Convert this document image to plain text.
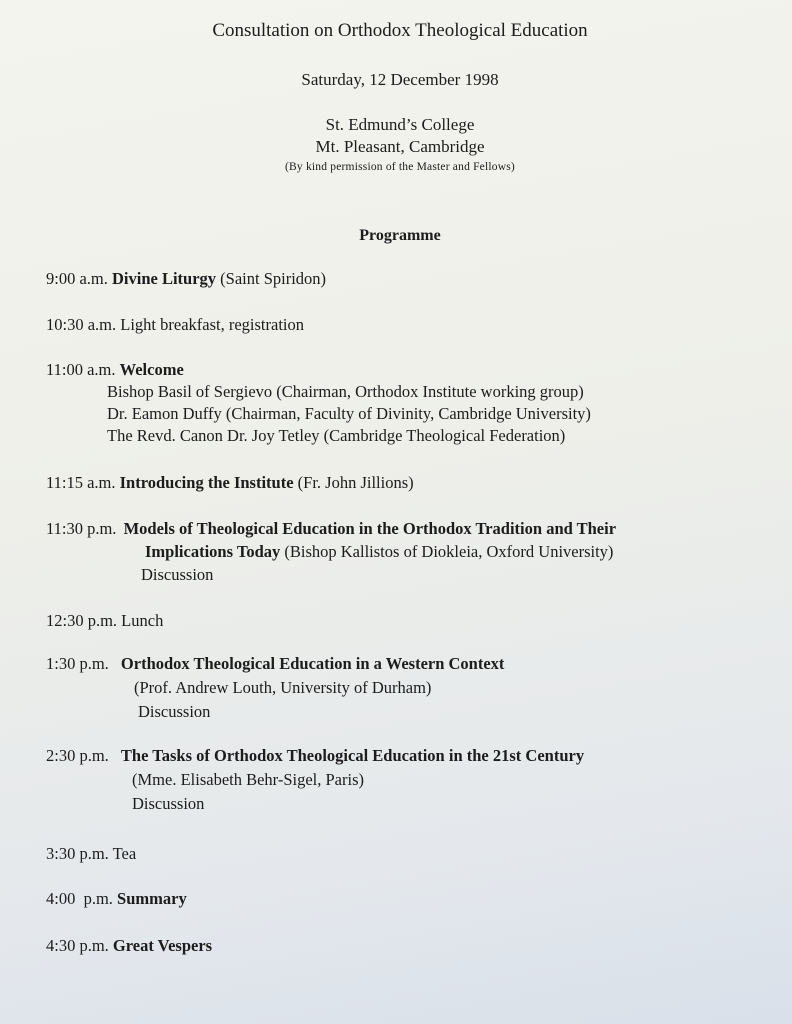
Consultation on Orthodox Theological Education
Saturday, 12 December 1998
St. Edmund’s College
Mt. Pleasant, Cambridge
(By kind permission of the Master and Fellows)
Programme
9:00 a.m. Divine Liturgy (Saint Spiridon)
10:30 a.m. Light breakfast, registration
11:00 a.m. Welcome
Bishop Basil of Sergievo (Chairman, Orthodox Institute working group)
Dr. Eamon Duffy (Chairman, Faculty of Divinity, Cambridge University)
The Revd. Canon Dr. Joy Tetley (Cambridge Theological Federation)
11:15 a.m. Introducing the Institute (Fr. John Jillions)
11:30 p.m. Models of Theological Education in the Orthodox Tradition and Their
Implications Today (Bishop Kallistos of Diokleia, Oxford University)
Discussion
12:30 p.m. Lunch
1:30 p.m. Orthodox Theological Education in a Western Context
(Prof. Andrew Louth, University of Durham)
Discussion
2:30 p.m. The Tasks of Orthodox Theological Education in the 21st Century
(Mme. Elisabeth Behr-Sigel, Paris)
Discussion
3:30 p.m. Tea
4:00  p.m. Summary
4:30 p.m. Great Vespers
